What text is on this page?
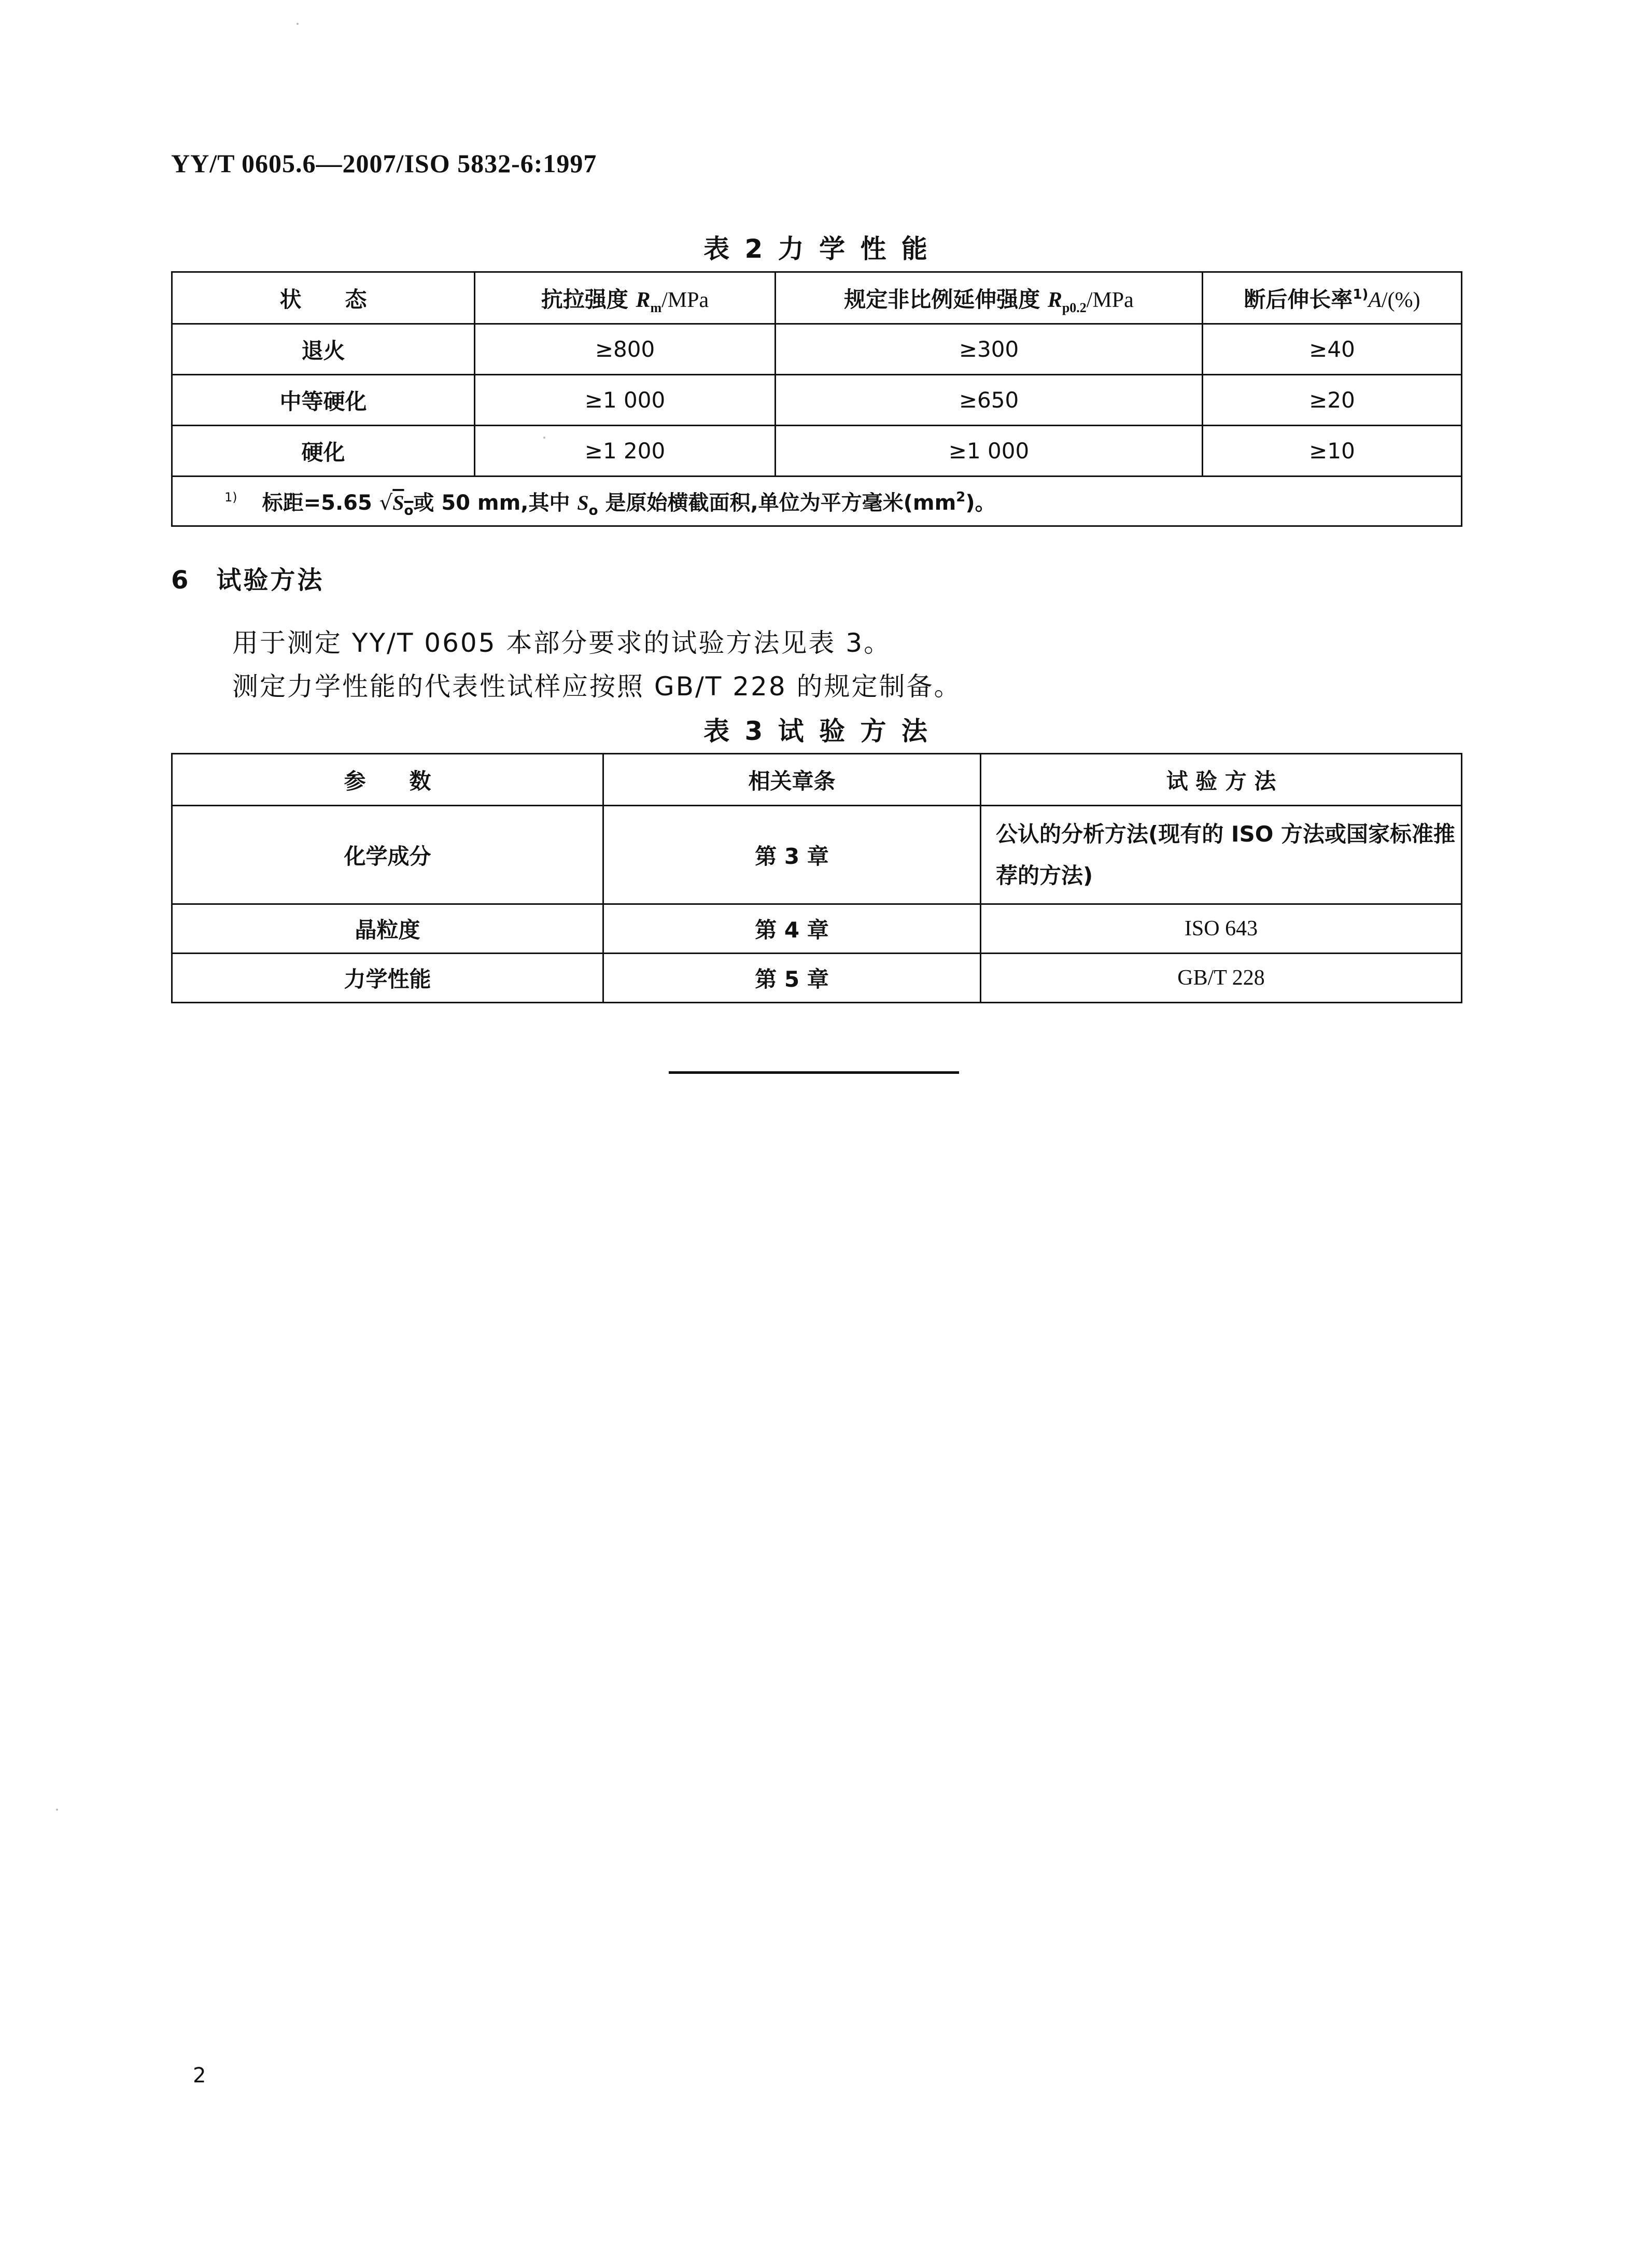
YY/T 0605.6—2007/ISO 5832-6:1997
表 2 力 学 性 能
状　　态	抗拉强度 $R_m$/MPa	规定非比例延伸强度 $R_{p0.2}$/MPa	断后伸长率$^{1)}$A/(%)
退火	≥800	≥300	≥40
中等硬化	≥1 000	≥650	≥20
硬化	≥1 200	≥1 000	≥10
$^{1)}$ 标距=5.65 $√S_o$或 50 mm,其中 $S_o$ 是原始横截面积,单位为平方毫米$(mm^2)$。			
6 试验方法
用于测定 YY/T 0605 本部分要求的试验方法见表 3。
测定力学性能的代表性试样应按照 GB/T 228 的规定制备。
表 3 试 验 方 法
参　　数	相关章条	试 验 方 法
化学成分	第 3 章	公认的分析方法(现有的 ISO 方法或国家标准推荐的方法)
晶粒度	第 4 章	ISO 643
力学性能	第 5 章	GB/T 228
2
